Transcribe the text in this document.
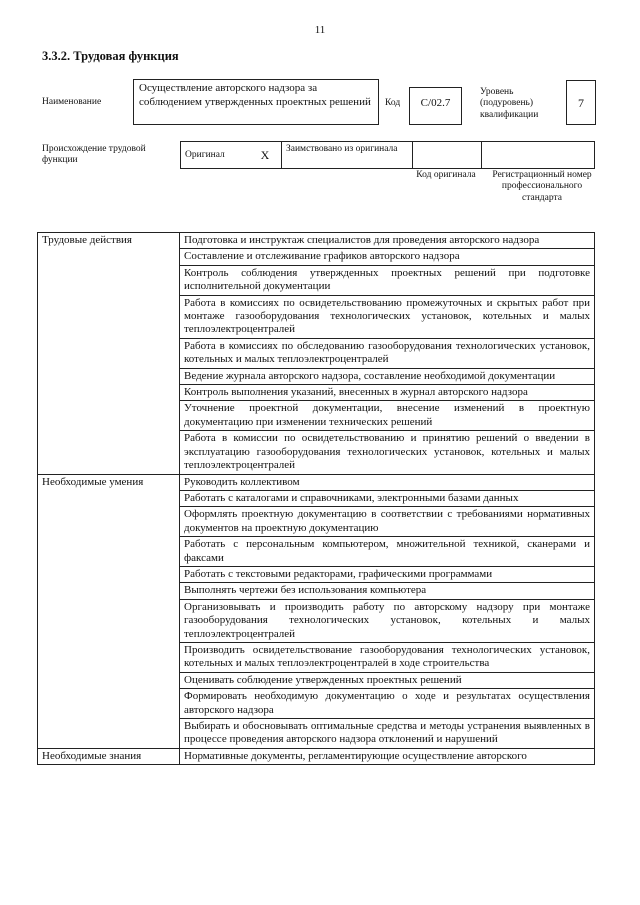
11
3.3.2. Трудовая функция
Наименование
Осуществление авторского надзора за соблюдением утвержденных проектных решений	Код	С/02.7
Уровень (подуровень) квалификации
7
Происхождение трудовой функции
Оригинал	X	Заимствовано из оригинала		
Код оригинала	Регистрационный номер профессионального стандарта
Трудовые действия	Подготовка и инструктаж специалистов для проведения авторского надзора
	Составление и отслеживание графиков авторского надзора
	Контроль соблюдения утвержденных проектных решений при подготовке исполнительной документации
	Работа в комиссиях по освидетельствованию промежуточных и скрытых работ при монтаже газооборудования технологических установок, котельных и малых теплоэлектроцентралей
	Работа в комиссиях по обследованию газооборудования технологических установок, котельных и малых теплоэлектроцентралей
	Ведение журнала авторского надзора, составление необходимой документации
	Контроль выполнения указаний, внесенных в журнал авторского надзора
	Уточнение проектной документации, внесение изменений в проектную документацию при изменении технических решений
	Работа в комиссии по освидетельствованию и принятию решений о введении в эксплуатацию газооборудования технологических установок, котельных и малых теплоэлектроцентралей
Необходимые умения	Руководить коллективом
	Работать с каталогами и справочниками, электронными базами данных
	Оформлять проектную документацию в соответствии с требованиями нормативных документов на проектную документацию
	Работать с персональным компьютером, множительной техникой, сканерами и факсами
	Работать с текстовыми редакторами, графическими программами
	Выполнять чертежи без использования компьютера
	Организовывать и производить работу по авторскому надзору при монтаже газооборудования технологических установок, котельных и малых теплоэлектроцентралей
	Производить освидетельствование газооборудования технологических установок, котельных и малых теплоэлектроцентралей в ходе строительства
	Оценивать соблюдение утвержденных проектных решений
	Формировать необходимую документацию о ходе и результатах осуществления авторского надзора
	Выбирать и обосновывать оптимальные средства и методы устранения выявленных в процессе проведения авторского надзора отклонений и нарушений
Необходимые знания	Нормативные документы, регламентирующие осуществление авторского
